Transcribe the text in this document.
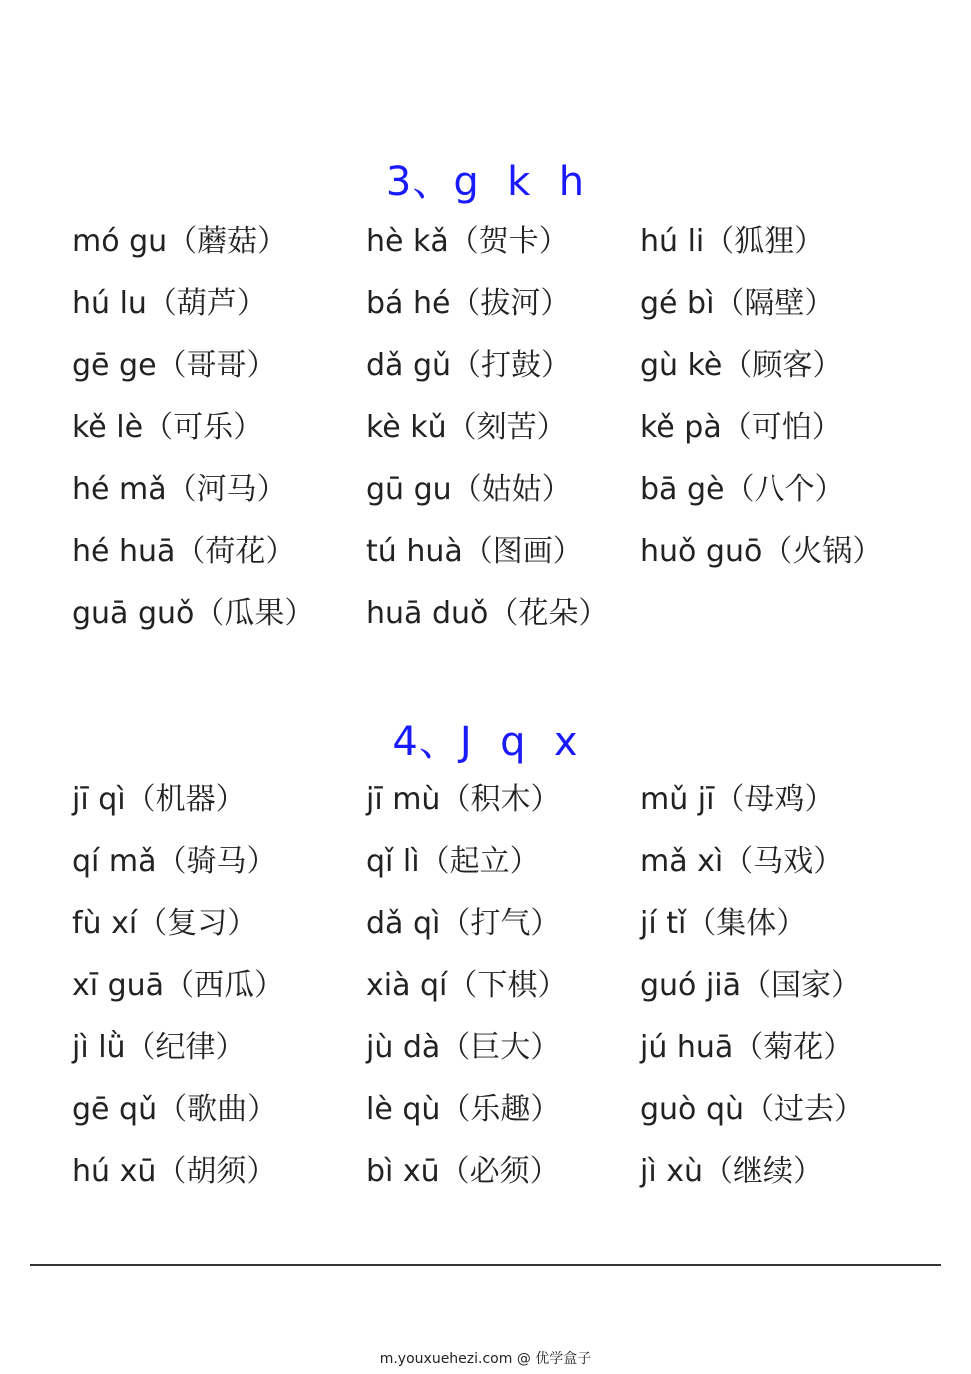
3、g  k  h
mó gu（蘑菇）	hè kǎ（贺卡） hú li（狐狸）
hú lu（葫芦）	bá hé（拔河） gé bì（隔壁）
gē ge（哥哥）	dǎ gǔ（打鼓） gù kè（顾客）
kě lè（可乐）	kè kǔ（刻苦） kě pà（可怕）
hé mǎ（河马）	gū gu（姑姑） bā gè（八个）
hé huā（荷花） tú huà（图画） huǒ guō（火锅）
guā guǒ（瓜果） huā duǒ（花朵）
4、J  q  x
jī qì（机器）	jī mù（积木）	mǔ jī（母鸡）
qí mǎ（骑马）	qǐ lì（起立）	mǎ xì（马戏）
fù xí（复习）	dǎ qì（打气）	jí tǐ（集体）
xī guā（西瓜）	xià qí（下棋） guó jiā（国家）
jì lǜ（纪律）	jù dà（巨大）	jú huā（菊花）
gē qǔ（歌曲）	lè qù（乐趣）	guò qù（过去）
hú xū（胡须）	bì xū（必须）	jì xù（继续）
m.youxuehezi.com @ 优学盒子
